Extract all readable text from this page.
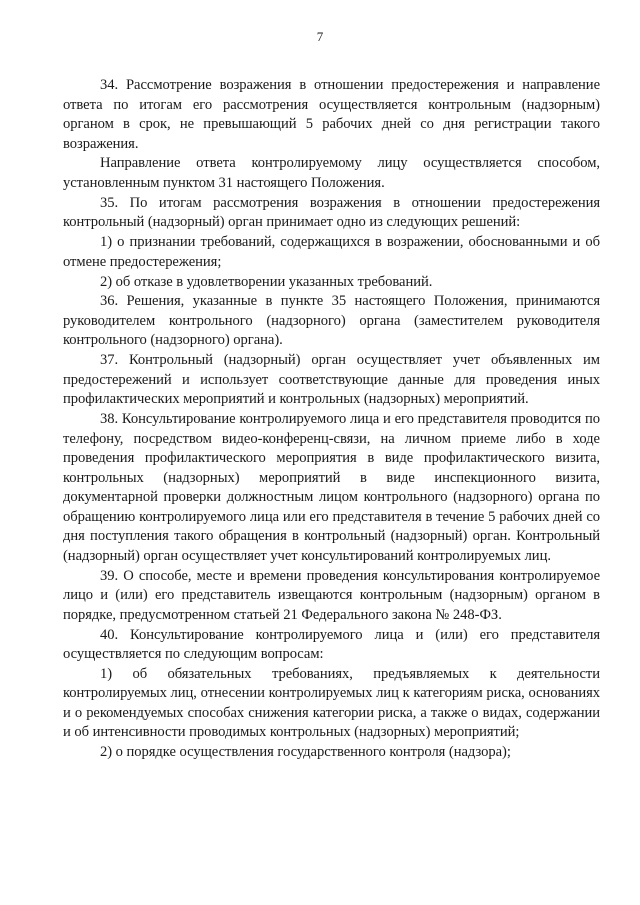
7

34. Рассмотрение возражения в отношении предостережения и направление ответа по итогам его рассмотрения осуществляется контрольным (надзорным) органом в срок, не превышающий 5 рабочих дней со дня регистрации такого возражения.

Направление ответа контролируемому лицу осуществляется способом, установленным пунктом 31 настоящего Положения.

35. По итогам рассмотрения возражения в отношении предостережения контрольный (надзорный) орган принимает одно из следующих решений:

1) о признании требований, содержащихся в возражении, обоснованными и об отмене предостережения;

2) об отказе в удовлетворении указанных требований.

36. Решения, указанные в пункте 35 настоящего Положения, принимаются руководителем контрольного (надзорного) органа (заместителем руководителя контрольного (надзорного) органа).

37. Контрольный (надзорный) орган осуществляет учет объявленных им предостережений и использует соответствующие данные для проведения иных профилактических мероприятий и контрольных (надзорных) мероприятий.

38. Консультирование контролируемого лица и его представителя проводится по телефону, посредством видео-конференц-связи, на личном приеме либо в ходе проведения профилактического мероприятия в виде профилактического визита, контрольных (надзорных) мероприятий в виде инспекционного визита, документарной проверки должностным лицом контрольного (надзорного) органа по обращению контролируемого лица или его представителя в течение 5 рабочих дней со дня поступления такого обращения в контрольный (надзорный) орган. Контрольный (надзорный) орган осуществляет учет консультирований контролируемых лиц.

39. О способе, месте и времени проведения консультирования контролируемое лицо и (или) его представитель извещаются контрольным (надзорным) органом в порядке, предусмотренном статьей 21 Федерального закона № 248-ФЗ.

40. Консультирование контролируемого лица и (или) его представителя осуществляется по следующим вопросам:

1) об обязательных требованиях, предъявляемых к деятельности контролируемых лиц, отнесении контролируемых лиц к категориям риска, основаниях и о рекомендуемых способах снижения категории риска, а также о видах, содержании и об интенсивности проводимых контрольных (надзорных) мероприятий;

2) о порядке осуществления государственного контроля (надзора);
